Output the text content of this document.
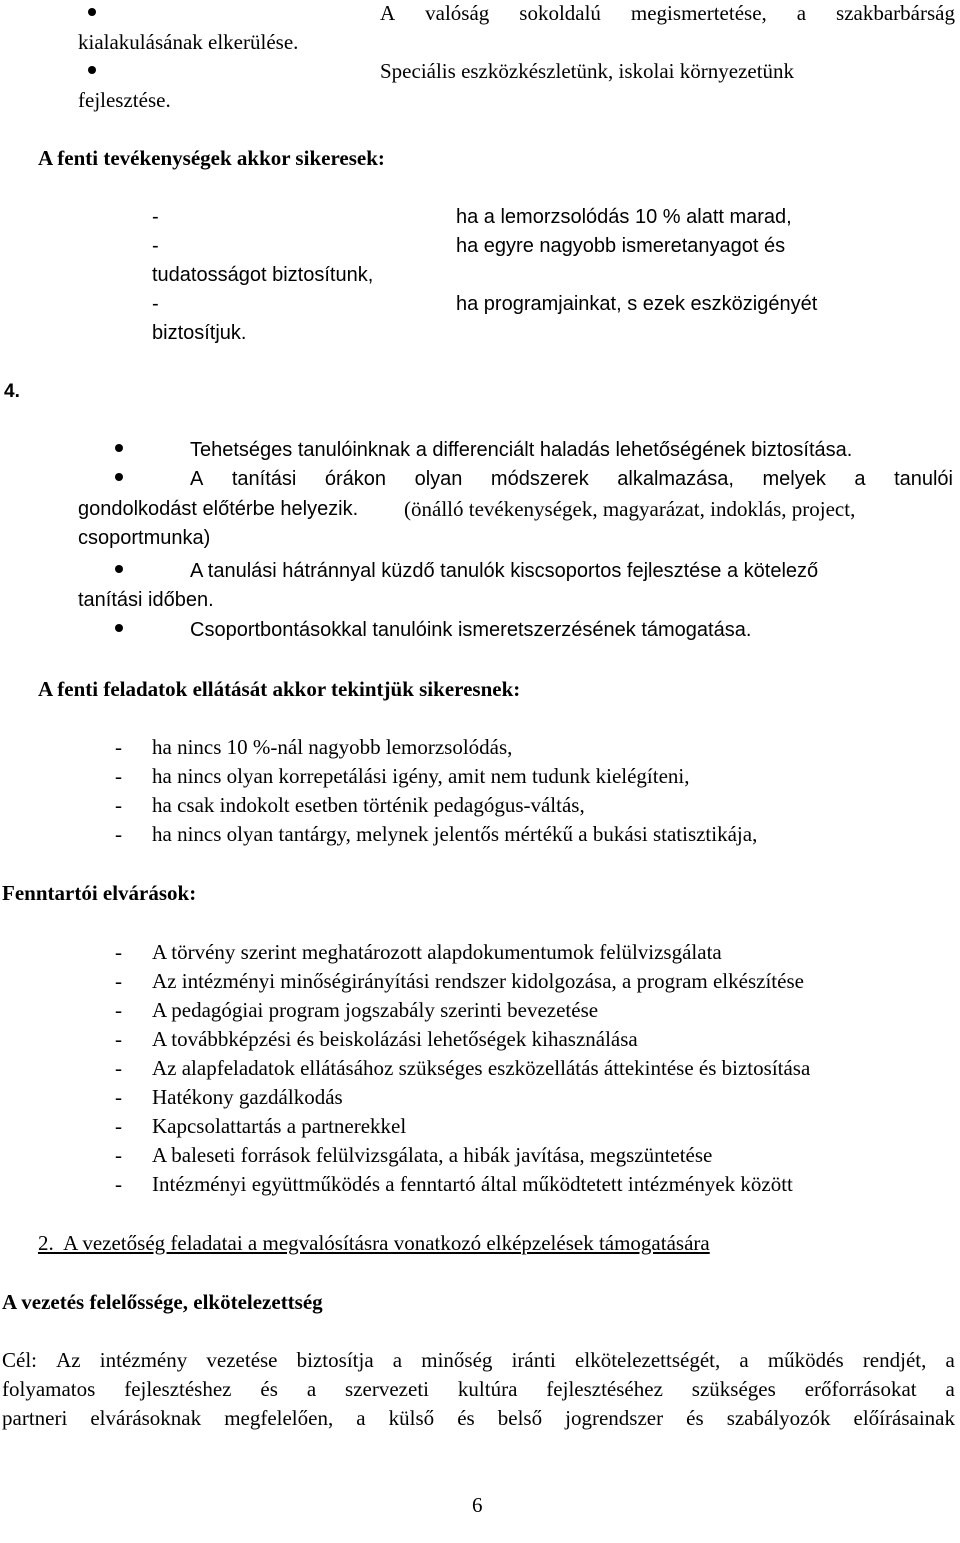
A valóság sokoldalú megismertetése, a szakbarbárság
kialakulásának elkerülése.
Speciális eszközkészletünk, iskolai környezetünk
fejlesztése.
A fenti tevékenységek akkor sikeresek:
-	ha a lemorzsolódás 10 % alatt marad,
-	ha egyre nagyobb ismeretanyagot és
tudatosságot biztosítunk,
-	ha programjainkat, s ezek eszközigényét
biztosítjuk.
4.
Tehetséges tanulóinknak a differenciált haladás lehetőségének biztosítása.
A tanítási órákon olyan módszerek alkalmazása, melyek a tanulói
gondolkodást előtérbe helyezik. (önálló tevékenységek, magyarázat, indoklás, project,
csoportmunka)
A tanulási hátránnyal küzdő tanulók kiscsoportos fejlesztése a kötelező
tanítási időben.
Csoportbontásokkal tanulóink ismeretszerzésének támogatása.
A fenti feladatok ellátását akkor tekintjük sikeresnek:
- ha nincs 10 %-nál nagyobb lemorzsolódás,
- ha nincs olyan korrepetálási igény, amit nem tudunk kielégíteni,
- ha csak indokolt esetben történik pedagógus-váltás,
- ha nincs olyan tantárgy, melynek jelentős mértékű a bukási statisztikája,
Fenntartói elvárások:
- A törvény szerint meghatározott alapdokumentumok felülvizsgálata
- Az intézményi minőségirányítási rendszer kidolgozása, a program elkészítése
- A pedagógiai program jogszabály szerinti bevezetése
- A továbbképzési és beiskolázási lehetőségek kihasználása
- Az alapfeladatok ellátásához szükséges eszközellátás áttekintése és biztosítása
- Hatékony gazdálkodás
- Kapcsolattartás a partnerekkel
- A baleseti források felülvizsgálata, a hibák javítása, megszüntetése
- Intézményi együttműködés a fenntartó által működtetett intézmények között
2.  A vezetőség feladatai a megvalósításra vonatkozó elképzelések támogatására
A vezetés felelőssége, elkötelezettség
Cél: Az intézmény vezetése biztosítja a minőség iránti elkötelezettségét, a működés rendjét, a
folyamatos fejlesztéshez és a szervezeti kultúra fejlesztéséhez szükséges erőforrásokat a
partneri elvárásoknak megfelelően, a külső és belső jogrendszer és szabályozók előírásainak
6
